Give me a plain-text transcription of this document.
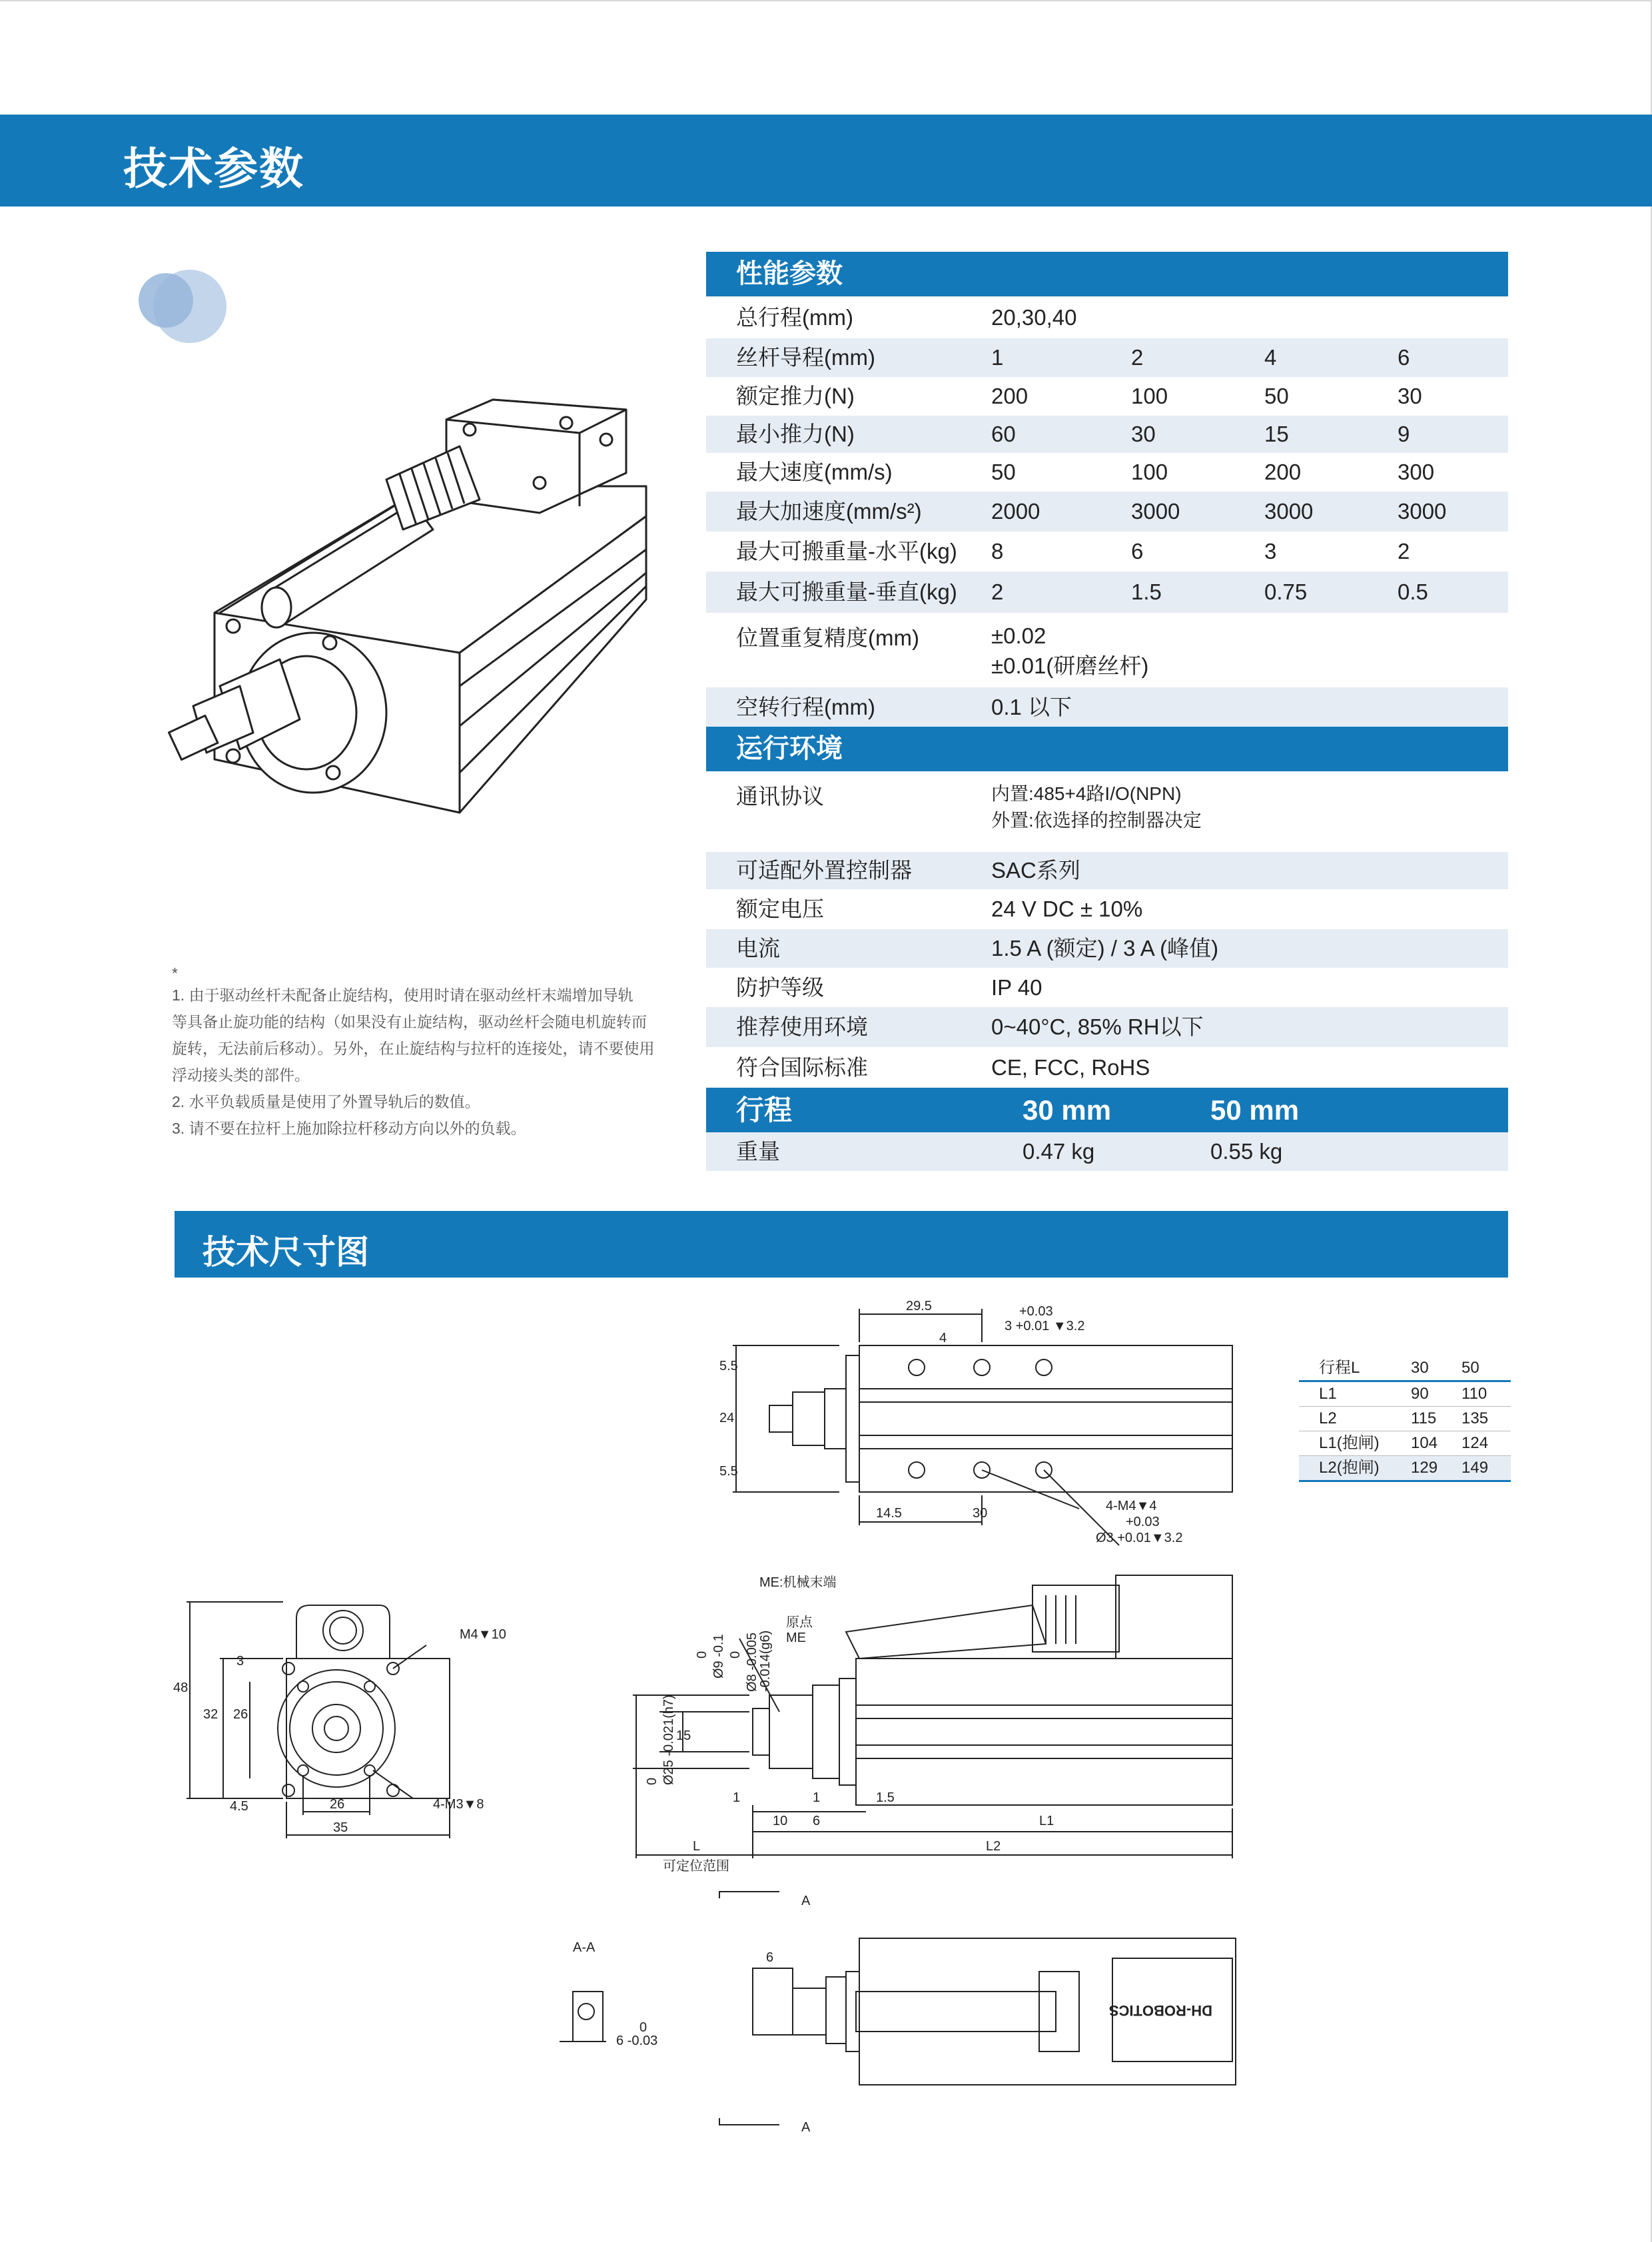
技术参数
性能参数
总行程(mm)	20,30,40
丝杆导程(mm)	1	2	4	6
额定推力(N)	200	100	50	30
最小推力(N)	60	30	15	9
最大速度(mm/s)	50	100	200	300
最大加速度(mm/s²)	2000	3000	3000	3000
最大可搬重量-水平(kg)	8	6	3	2
最大可搬重量-垂直(kg)	2	1.5	0.75	0.5
位置重复精度(mm)	±0.02
±0.01(研磨丝杆)
空转行程(mm)	0.1 以下
运行环境
通讯协议	内置:485+4路I/O(NPN)
外置:依选择的控制器决定
可适配外置控制器	SAC系列
额定电压	24 V DC ± 10%
电流	1.5 A (额定) / 3 A (峰值)
防护等级	IP 40
推荐使用环境	0~40°C, 85% RH以下
符合国际标准	CE, FCC, RoHS
行程	30 mm	50 mm
重量	0.47 kg	0.55 kg

*

1. 由于驱动丝杆未配备止旋结构，使用时请在驱动丝杆末端增加导轨

等具备止旋功能的结构（如果没有止旋结构，驱动丝杆会随电机旋转而

旋转，无法前后移动）。另外，在止旋结构与拉杆的连接处，请不要使用

浮动接头类的部件。

2. 水平负载质量是使用了外置导轨后的数值。

3. 请不要在拉杆上施加除拉杆移动方向以外的负载。

技术尺寸图
29.5	+0.03
3 +0.01 ▼3.2
4
5.5
24
5.5
14.5	30	4-M4▼4
+0.03
Ø3 +0.01▼3.2
行程L	30	50
L1	90	110
L2	115	135
L1(抱闸)	104	124
L2(抱闸)	129	149
M4▼10
48
3
32 26
4.5	26
35
4-M3▼8
ME:机械末端
原点
ME
0 Ø9 -0.1 0 Ø8 -0.005
-0.014(g6)
0 Ø25 -0.021(h7) 15
1	1	1.5
10 6	L1
L	L2
可定位范围
A
A
A-A
0
6 -0.03
6
DH-ROBOTICS
